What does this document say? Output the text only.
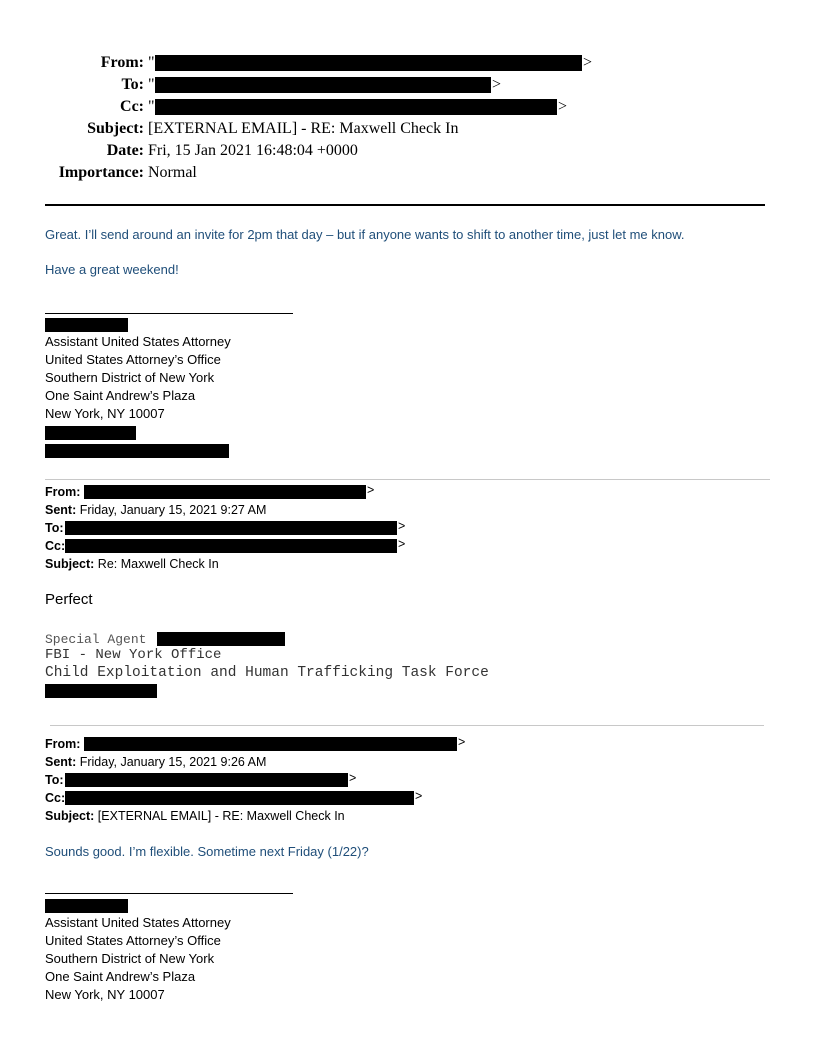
From: "	>
To: "	>
Cc: "	>
Subject: [EXTERNAL EMAIL] - RE: Maxwell Check In
Date: Fri, 15 Jan 2021 16:48:04 +0000
Importance: Normal
Great. I’ll send around an invite for 2pm that day – but if anyone wants to shift to another time, just let me know.
Have a great weekend!
Assistant United States Attorney
United States Attorney’s Office
Southern District of New York
One Saint Andrew’s Plaza
New York, NY 10007
From:	>
Sent: Friday, January 15, 2021 9:27 AM
To:	>
Cc:	>
Subject: Re: Maxwell Check In
Perfect
Special Agent
FBI - New York Office
Child Exploitation and Human Trafficking Task Force
From:	>
Sent: Friday, January 15, 2021 9:26 AM
To:	>
Cc:	>
Subject: [EXTERNAL EMAIL] - RE: Maxwell Check In
Sounds good. I’m flexible. Sometime next Friday (1/22)?
Assistant United States Attorney
United States Attorney’s Office
Southern District of New York
One Saint Andrew’s Plaza
New York, NY 10007
